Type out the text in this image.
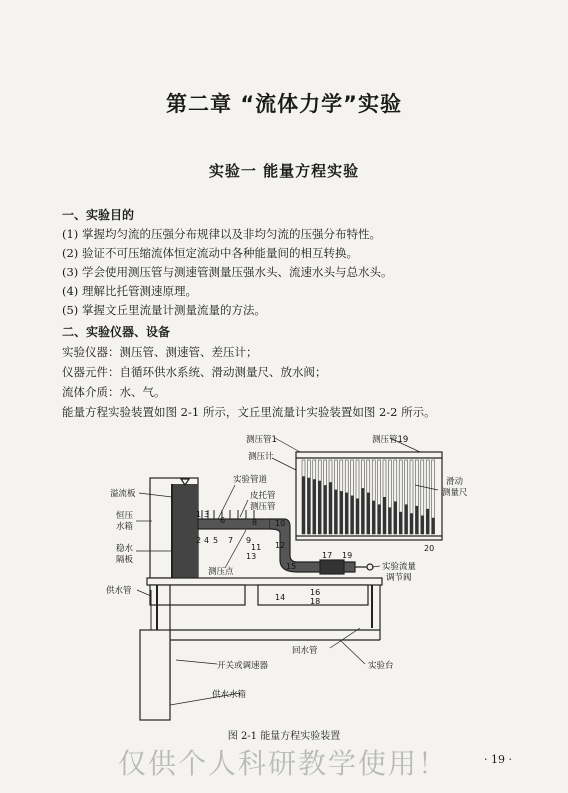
第二章 “流体力学”实验
实验一 能量方程实验
一、实验目的
(1) 掌握均匀流的压强分布规律以及非均匀流的压强分布特性。
(2) 验证不可压缩流体恒定流动中各种能量间的相互转换。
(3) 学会使用测压管与测速管测量压强水头、流速水头与总水头。
(4) 理解比托管测速原理。
(5) 掌握文丘里流量计测量流量的方法。
二、实验仪器、设备
实验仪器：测压管、测速管、差压计；
仪器元件：自循环供水系统、滑动测量尺、放水阀；
流体介质：水、气。
能量方程实验装置如图 2-1 所示，文丘里流量计实验装置如图 2-2 所示。
溢流板
恒压
水箱
稳水
隔板
供水管
实验管道
皮托管
测压管
测压计
测压管1	测压管19
滑动
测量尺
测压点	实验流量
调节阀
回水管
开关或调速器	实验台
供水水箱
1 3
6	8 10
2 4 5 7 9
11 12
13
15
14
17 19
16
18
20
图 2-1 能量方程实验装置
仅供个人科研教学使用！	· 19 ·
